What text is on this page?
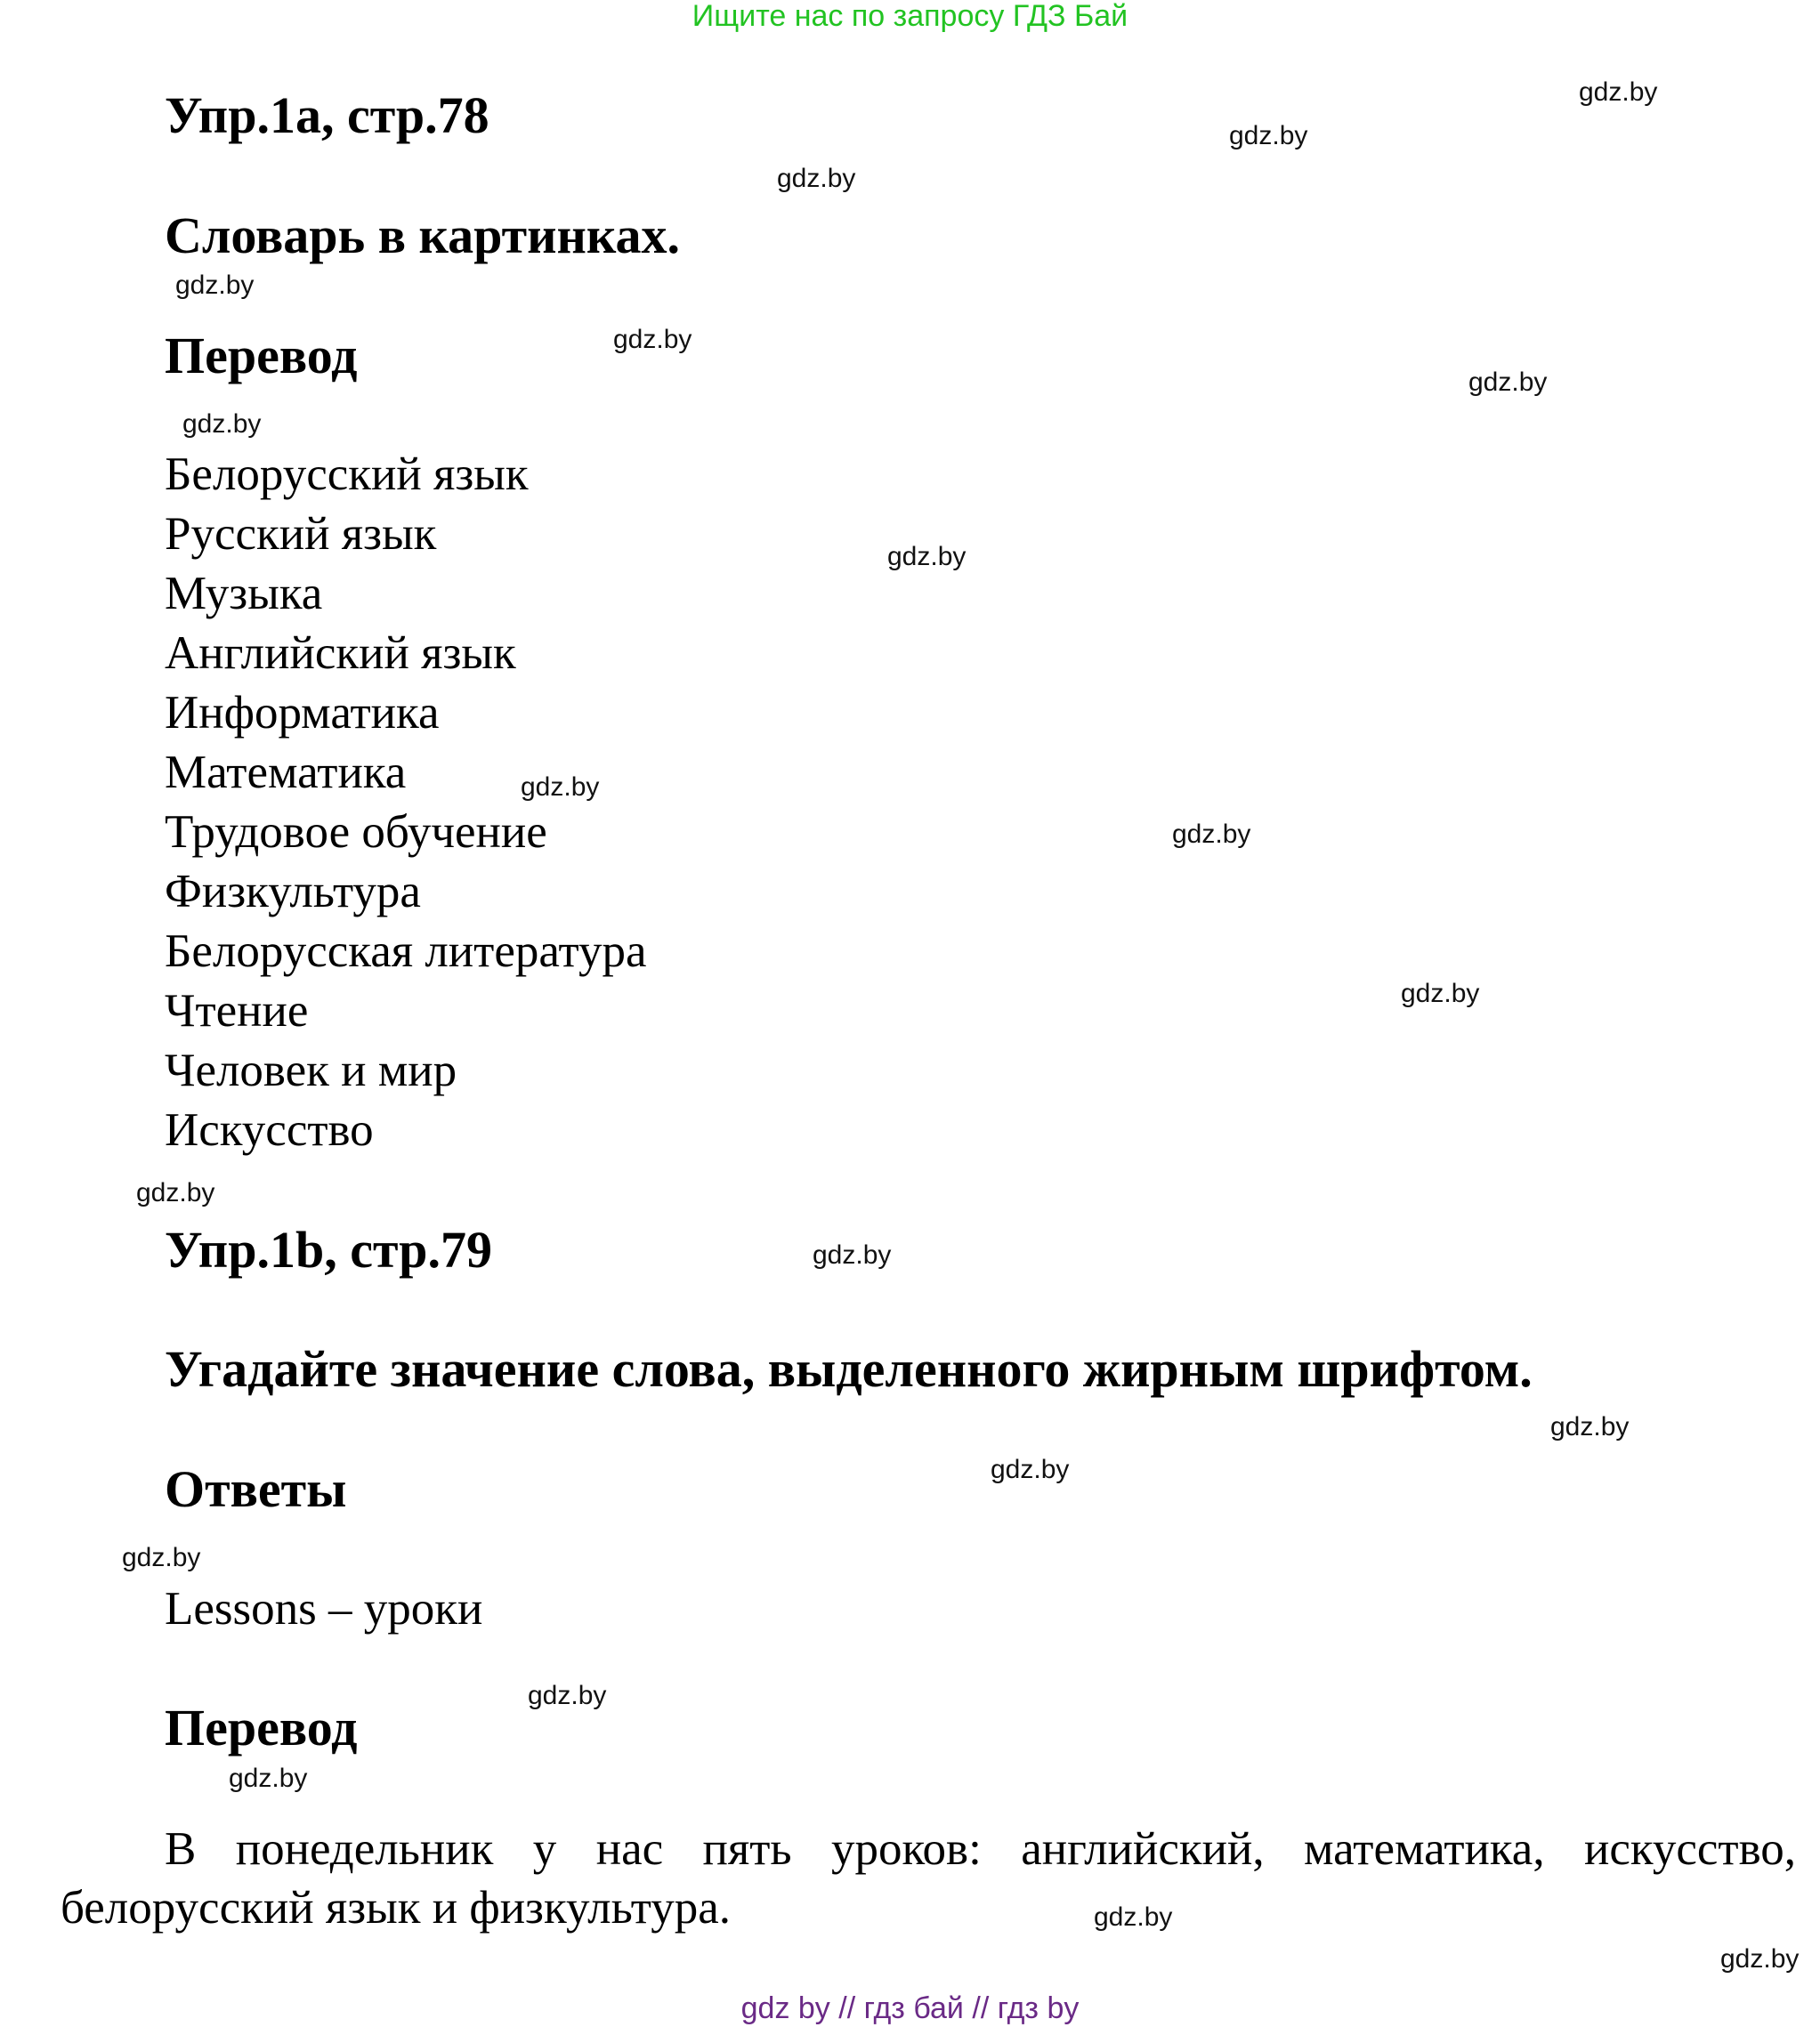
Ищите нас по запросу ГДЗ Бай
Упр.1a, стр.78
Словарь в картинках.
Перевод
Белорусский язык
Русский язык
Музыка
Английский язык
Информатика
Математика
Трудовое обучение
Физкультура
Белорусская литература
Чтение
Человек и мир
Искусство
Упр.1b, стр.79
Угадайте значение слова, выделенного жирным шрифтом.
Ответы
Lessons – уроки
Перевод

В понедельник у нас пять уроков: английский, математика, искусство, белорусский язык и физкультура.

gdz.by
gdz.by
gdz.by
gdz.by
gdz.by
gdz.by
gdz.by
gdz.by
gdz.by
gdz.by
gdz.by
gdz.by
gdz.by
gdz.by
gdz.by
gdz.by
gdz.by
gdz.by
gdz.by
gdz.by
gdz by // гдз бай // гдз by
